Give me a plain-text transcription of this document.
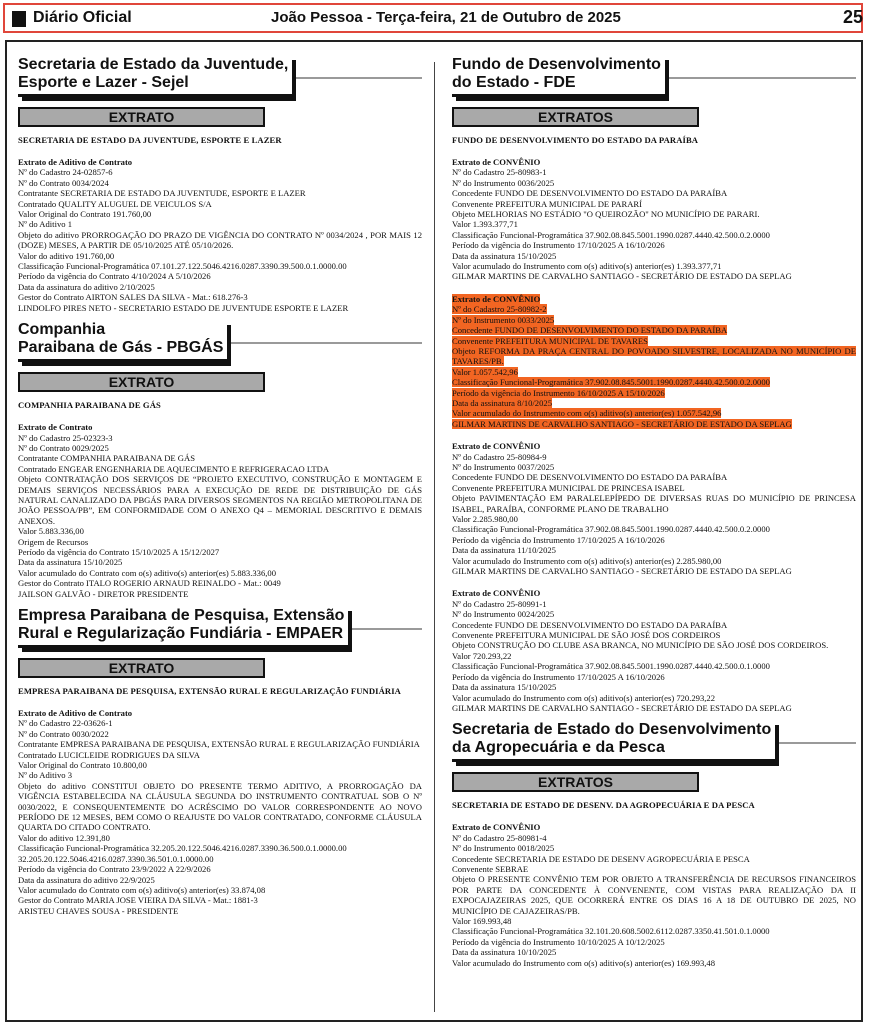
Diário Oficial	João Pessoa - Terça-feira, 21 de Outubro de 2025	25
Secretaria de Estado da Juventude,
Esporte e Lazer - Sejel
EXTRATO
SECRETARIA DE ESTADO DA JUVENTUDE, ESPORTE E LAZER
Extrato de Aditivo de Contrato
Nº do Cadastro 24-02857-6
Nº do Contrato 0034/2024
Contratante SECRETARIA DE ESTADO DA JUVENTUDE, ESPORTE E LAZER
Contratado QUALITY ALUGUEL DE VEICULOS S/A
Valor Original do Contrato 191.760,00
Nº do Aditivo 1
Objeto do aditivo PRORROGAÇÃO DO PRAZO DE VIGÊNCIA DO CONTRATO Nº 0034/2024 , POR MAIS 12 (DOZE) MESES, A PARTIR DE 05/10/2025 ATÉ 05/10/2026.
Valor do aditivo 191.760,00
Classificação Funcional-Programática 07.101.27.122.5046.4216.0287.3390.39.500.0.1.0000.00
Período da vigência do Contrato 4/10/2024 A 5/10/2026
Data da assinatura do aditivo 2/10/2025
Gestor do Contrato AIRTON SALES DA SILVA - Mat.: 618.276-3
LINDOLFO PIRES NETO - SECRETARIO ESTADO DE JUVENTUDE ESPORTE E LAZER
Companhia
Paraibana de Gás - PBGÁS
EXTRATO
COMPANHIA PARAIBANA DE GÁS
Extrato de Contrato
Nº do Cadastro 25-02323-3
Nº do Contrato 0029/2025
Contratante COMPANHIA PARAIBANA DE GÁS
Contratado ENGEAR ENGENHARIA DE AQUECIMENTO E REFRIGERACAO LTDA
Objeto CONTRATAÇÃO DOS SERVIÇOS DE “PROJETO EXECUTIVO, CONSTRUÇÃO E MONTAGEM E DEMAIS SERVIÇOS NECESSÁRIOS PARA A EXECUÇÃO DE REDE DE DISTRIBUIÇÃO DE GÁS NATURAL CANALIZADO DA PBGÁS PARA DIVERSOS SEGMENTOS NA REGIÃO METROPOLITANA DE JOÃO PESSOA/PB”, EM CONFORMIDADE COM O ANEXO Q4 – MEMORIAL DESCRITIVO E DEMAIS ANEXOS.
Valor 5.883.336,00
Origem de Recursos
Período da vigência do Contrato 15/10/2025 A 15/12/2027
Data da assinatura 15/10/2025
Valor acumulado do Contrato com o(s) aditivo(s) anterior(es) 5.883.336,00
Gestor do Contrato ITALO ROGERIO ARNAUD REINALDO - Mat.: 0049
JAILSON GALVÃO - DIRETOR PRESIDENTE
Empresa Paraibana de Pesquisa, Extensão
Rural e Regularização Fundiária - EMPAER
EXTRATO
EMPRESA PARAIBANA DE PESQUISA, EXTENSÃO RURAL E REGULARIZAÇÃO FUNDIÁRIA
Extrato de Aditivo de Contrato
Nº do Cadastro 22-03626-1
Nº do Contrato 0030/2022
Contratante EMPRESA PARAIBANA DE PESQUISA, EXTENSÃO RURAL E REGULARIZAÇÃO FUNDIÁRIA
Contratado LUCICLEIDE RODRIGUES DA SILVA
Valor Original do Contrato 10.800,00
Nº do Aditivo 3
Objeto do aditivo CONSTITUI OBJETO DO PRESENTE TERMO ADITIVO, A PRORROGAÇÃO DA VIGÊNCIA ESTABELECIDA NA CLÁUSULA SEGUNDA DO INSTRUMENTO CONTRATUAL SOB O Nº 0030/2022, E CONSEQUENTEMENTE DO ACRÉSCIMO DO VALOR CORRESPONDENTE AO NOVO PERÍODO DE 12 MESES, BEM COMO O REAJUSTE DO VALOR CONTRATADO, CONFORME CLÁUSULA QUARTA DO CITADO CONTRATO.
Valor do aditivo 12.391,80
Classificação Funcional-Programática 32.205.20.122.5046.4216.0287.3390.36.500.0.1.0000.00
32.205.20.122.5046.4216.0287.3390.36.501.0.1.0000.00
Período da vigência do Contrato 23/9/2022 A 22/9/2026
Data da assinatura do aditivo 22/9/2025
Valor acumulado do Contrato com o(s) aditivo(s) anterior(es) 33.874,08
Gestor do Contrato MARIA JOSE VIEIRA DA SILVA - Mat.: 1881-3
ARISTEU CHAVES SOUSA - PRESIDENTE
Fundo de Desenvolvimento
do Estado - FDE
EXTRATOS
FUNDO DE DESENVOLVIMENTO DO ESTADO DA PARAÍBA
Extrato de CONVÊNIO
Nº do Cadastro 25-80983-1
Nº do Instrumento 0036/2025
Concedente FUNDO DE DESENVOLVIMENTO DO ESTADO DA PARAÍBA
Convenente PREFEITURA MUNICIPAL DE PARARÍ
Objeto MELHORIAS NO ESTÁDIO "O QUEIROZÃO" NO MUNICÍPIO DE PARARI.
Valor 1.393.377,71
Classificação Funcional-Programática 37.902.08.845.5001.1990.0287.4440.42.500.0.2.0000
Período da vigência do Instrumento 17/10/2025 A 16/10/2026
Data da assinatura 15/10/2025
Valor acumulado do Instrumento com o(s) aditivo(s) anterior(es) 1.393.377,71
GILMAR MARTINS DE CARVALHO SANTIAGO - SECRETÁRIO DE ESTADO DA SEPLAG
Extrato de CONVÊNIO
Nº do Cadastro 25-80982-2
Nº do Instrumento 0033/2025
Concedente FUNDO DE DESENVOLVIMENTO DO ESTADO DA PARAÍBA
Convenente PREFEITURA MUNICIPAL DE TAVARES
Objeto REFORMA DA PRAÇA CENTRAL DO POVOADO SILVESTRE, LOCALIZADA NO MUNICÍPIO DE TAVARES/PB.
Valor 1.057.542,96
Classificação Funcional-Programática 37.902.08.845.5001.1990.0287.4440.42.500.0.2.0000
Período da vigência do Instrumento 16/10/2025 A 15/10/2026
Data da assinatura 8/10/2025
Valor acumulado do Instrumento com o(s) aditivo(s) anterior(es) 1.057.542,96
GILMAR MARTINS DE CARVALHO SANTIAGO - SECRETÁRIO DE ESTADO DA SEPLAG
Extrato de CONVÊNIO
Nº do Cadastro 25-80984-9
Nº do Instrumento 0037/2025
Concedente FUNDO DE DESENVOLVIMENTO DO ESTADO DA PARAÍBA
Convenente PREFEITURA MUNICIPAL DE PRINCESA ISABEL
Objeto PAVIMENTAÇÃO EM PARALELEPÍPEDO DE DIVERSAS RUAS DO MUNICÍPIO DE PRINCESA ISABEL, PARAÍBA, CONFORME PLANO DE TRABALHO
Valor 2.285.980,00
Classificação Funcional-Programática 37.902.08.845.5001.1990.0287.4440.42.500.0.2.0000
Período da vigência do Instrumento 17/10/2025 A 16/10/2026
Data da assinatura 11/10/2025
Valor acumulado do Instrumento com o(s) aditivo(s) anterior(es) 2.285.980,00
GILMAR MARTINS DE CARVALHO SANTIAGO - SECRETÁRIO DE ESTADO DA SEPLAG
Extrato de CONVÊNIO
Nº do Cadastro 25-80991-1
Nº do Instrumento 0024/2025
Concedente FUNDO DE DESENVOLVIMENTO DO ESTADO DA PARAÍBA
Convenente PREFEITURA MUNICIPAL DE SÃO JOSÉ DOS CORDEIROS
Objeto CONSTRUÇÃO DO CLUBE ASA BRANCA, NO MUNICÍPIO DE SÃO JOSÉ DOS CORDEIROS.
Valor 720.293,22
Classificação Funcional-Programática 37.902.08.845.5001.1990.0287.4440.42.500.0.1.0000
Período da vigência do Instrumento 17/10/2025 A 16/10/2026
Data da assinatura 15/10/2025
Valor acumulado do Instrumento com o(s) aditivo(s) anterior(es) 720.293,22
GILMAR MARTINS DE CARVALHO SANTIAGO - SECRETÁRIO DE ESTADO DA SEPLAG
Secretaria de Estado do Desenvolvimento
da Agropecuária e da Pesca
EXTRATOS
SECRETARIA DE ESTADO DE DESENV. DA AGROPECUÁRIA E DA PESCA
Extrato de CONVÊNIO
Nº do Cadastro 25-80981-4
Nº do Instrumento 0018/2025
Concedente SECRETARIA DE ESTADO DE DESENV AGROPECUÁRIA E PESCA
Convenente SEBRAE
Objeto O PRESENTE CONVÊNIO TEM POR OBJETO A TRANSFERÊNCIA DE RECURSOS FINANCEIROS POR PARTE DA CONCEDENTE À CONVENENTE, COM VISTAS PARA REALIZAÇÃO DA II EXPOCAJAZEIRAS 2025, QUE OCORRERÁ ENTRE OS DIAS 16 A 18 DE OUTUBRO DE 2025, NO MUNICÍPIO DE CAJAZEIRAS/PB.
Valor 169.993,48
Classificação Funcional-Programática 32.101.20.608.5002.6112.0287.3350.41.501.0.1.0000
Período da vigência do Instrumento 10/10/2025 A 10/12/2025
Data da assinatura 10/10/2025
Valor acumulado do Instrumento com o(s) aditivo(s) anterior(es) 169.993,48
